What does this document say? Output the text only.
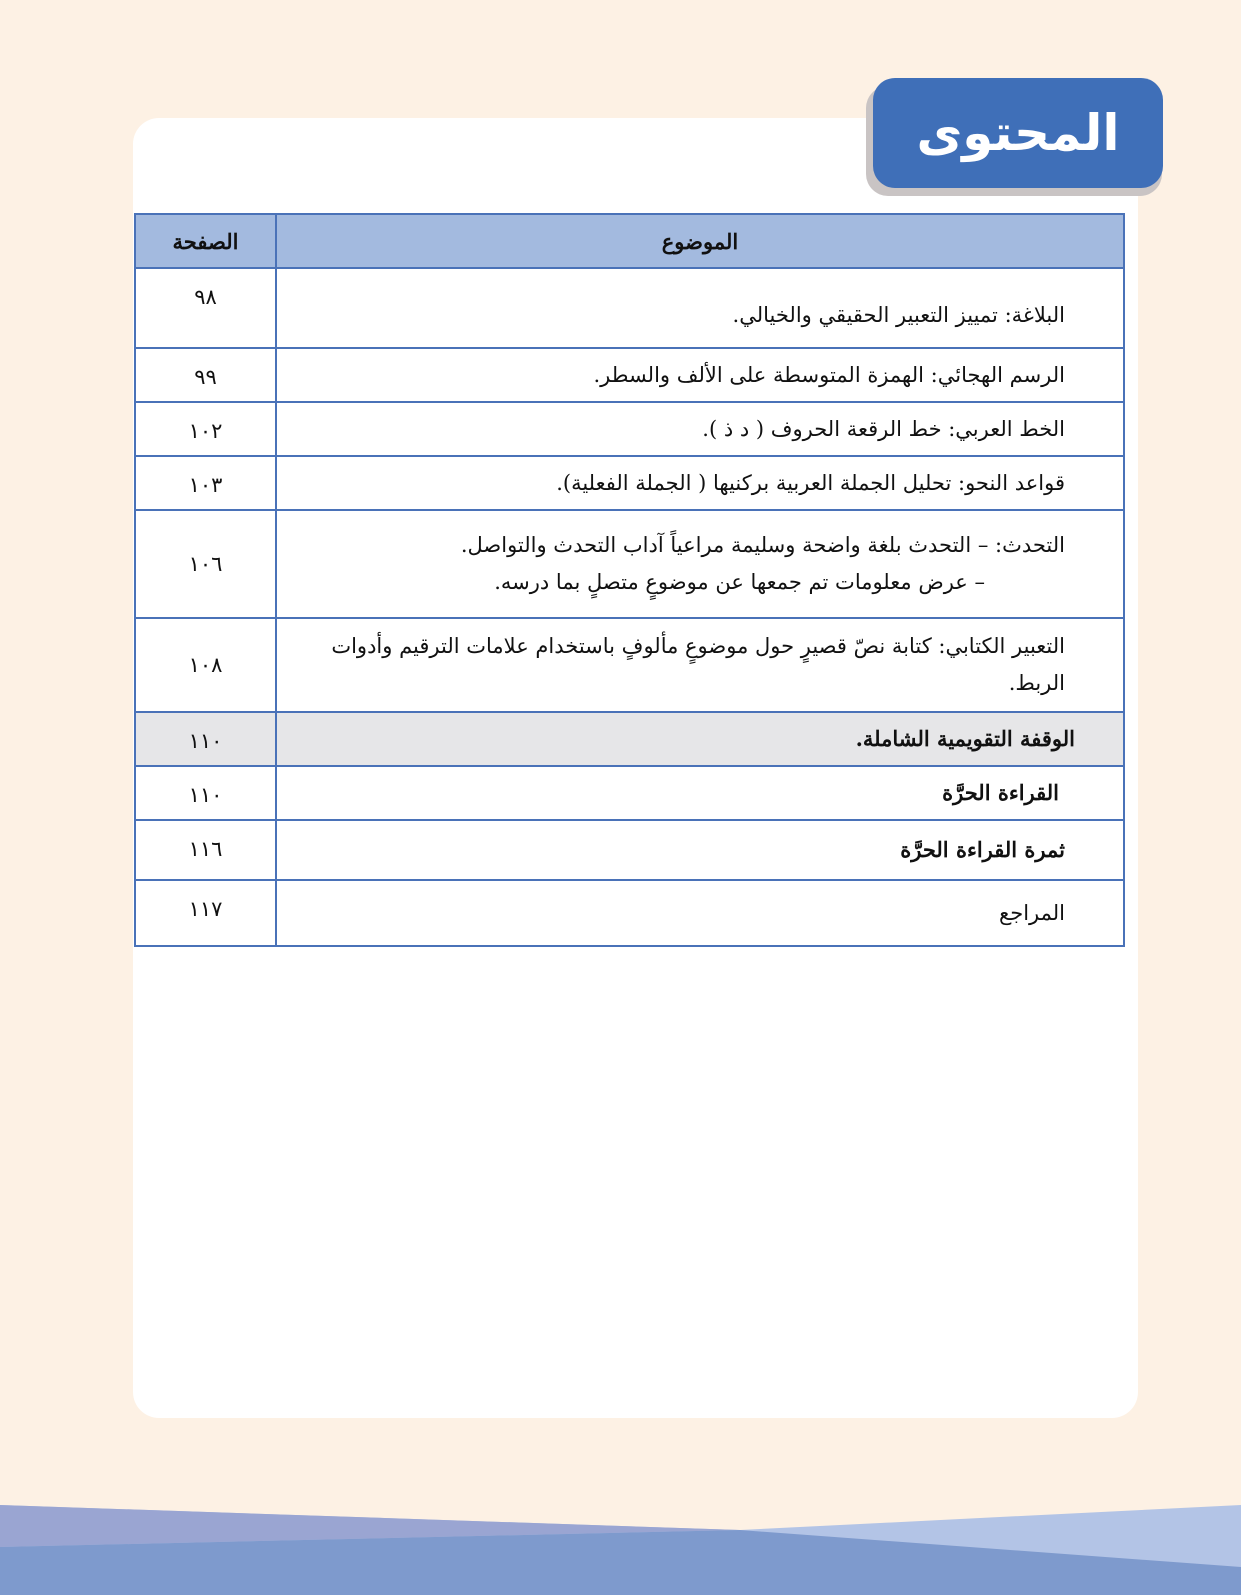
المحتوى
الموضوع	الصفحة
البلاغة: تمييز التعبير الحقيقي والخيالي.	٩٨
الرسم الهجائي: الهمزة المتوسطة على الألف والسطر.	٩٩
الخط العربي: خط الرقعة الحروف ( د ذ ).	١٠٢
قواعد النحو: تحليل الجملة العربية بركنيها ( الجملة الفعلية).	١٠٣
التحدث: – التحدث بلغة واضحة وسليمة مراعياً آداب التحدث والتواصل.
– عرض معلومات تم جمعها عن موضوعٍ متصلٍ بما درسه.	١٠٦
التعبير الكتابي: كتابة نصّ قصيرٍ حول موضوعٍ مألوفٍ باستخدام علامات الترقيم وأدوات الربط.	١٠٨
الوقفة التقويمية الشاملة.	١١٠
القراءة الحرَّة	١١٠
ثمرة القراءة الحرَّة	١١٦
المراجع	١١٧
